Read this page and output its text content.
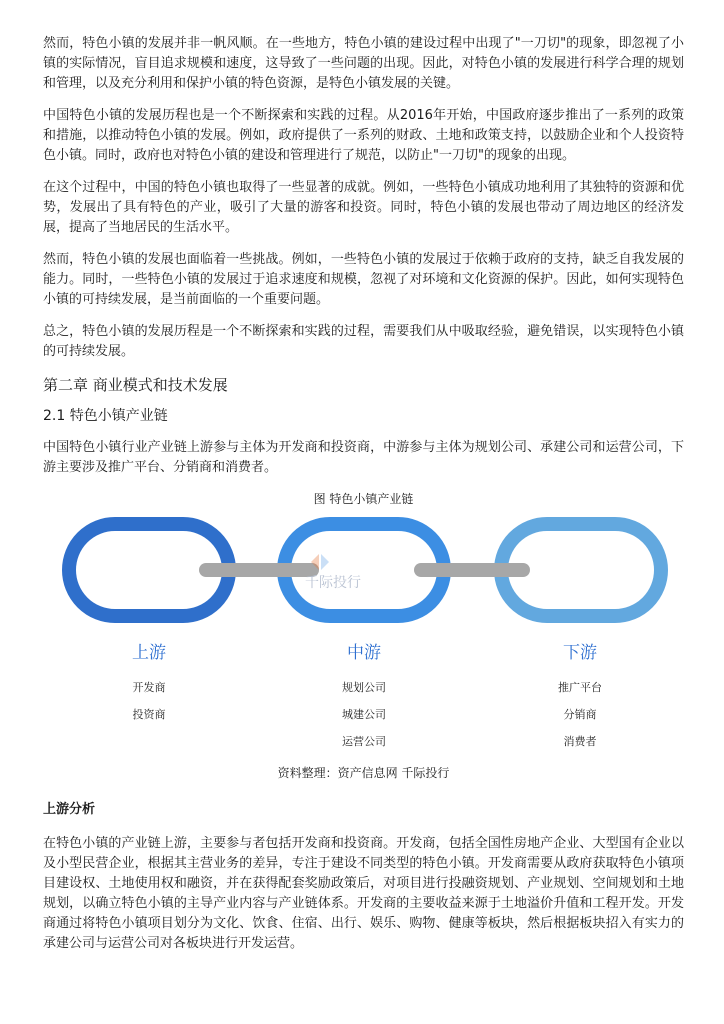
然而，特色小镇的发展并非一帆风顺。在一些地方，特色小镇的建设过程中出现了"一刀切"的现象，即忽视了小镇的实际情况，盲目追求规模和速度，这导致了一些问题的出现。因此，对特色小镇的发展进行科学合理的规划和管理，以及充分利用和保护小镇的特色资源，是特色小镇发展的关键。

中国特色小镇的发展历程也是一个不断探索和实践的过程。从2016年开始，中国政府逐步推出了一系列的政策和措施，以推动特色小镇的发展。例如，政府提供了一系列的财政、土地和政策支持，以鼓励企业和个人投资特色小镇。同时，政府也对特色小镇的建设和管理进行了规范，以防止"一刀切"的现象的出现。

在这个过程中，中国的特色小镇也取得了一些显著的成就。例如，一些特色小镇成功地利用了其独特的资源和优势，发展出了具有特色的产业，吸引了大量的游客和投资。同时，特色小镇的发展也带动了周边地区的经济发展，提高了当地居民的生活水平。

然而，特色小镇的发展也面临着一些挑战。例如，一些特色小镇的发展过于依赖于政府的支持，缺乏自我发展的能力。同时，一些特色小镇的发展过于追求速度和规模，忽视了对环境和文化资源的保护。因此，如何实现特色小镇的可持续发展，是当前面临的一个重要问题。

总之，特色小镇的发展历程是一个不断探索和实践的过程，需要我们从中吸取经验，避免错误，以实现特色小镇的可持续发展。

第二章 商业模式和技术发展
2.1 特色小镇产业链

中国特色小镇行业产业链上游参与主体为开发商和投资商，中游参与主体为规划公司、承建公司和运营公司，下游主要涉及推广平台、分销商和消费者。

图 特色小镇产业链
千际投行
上游
开发商
投资商
中游
规划公司
城建公司
运营公司
下游
推广平台
分销商
消费者
资料整理：资产信息网 千际投行
上游分析

在特色小镇的产业链上游，主要参与者包括开发商和投资商。开发商，包括全国性房地产企业、大型国有企业以及小型民营企业，根据其主营业务的差异，专注于建设不同类型的特色小镇。开发商需要从政府获取特色小镇项目建设权、土地使用权和融资，并在获得配套奖励政策后，对项目进行投融资规划、产业规划、空间规划和土地规划，以确立特色小镇的主导产业内容与产业链体系。开发商的主要收益来源于土地溢价升值和工程开发。开发商通过将特色小镇项目划分为文化、饮食、住宿、出行、娱乐、购物、健康等板块，然后根据板块招入有实力的承建公司与运营公司对各板块进行开发运营。
